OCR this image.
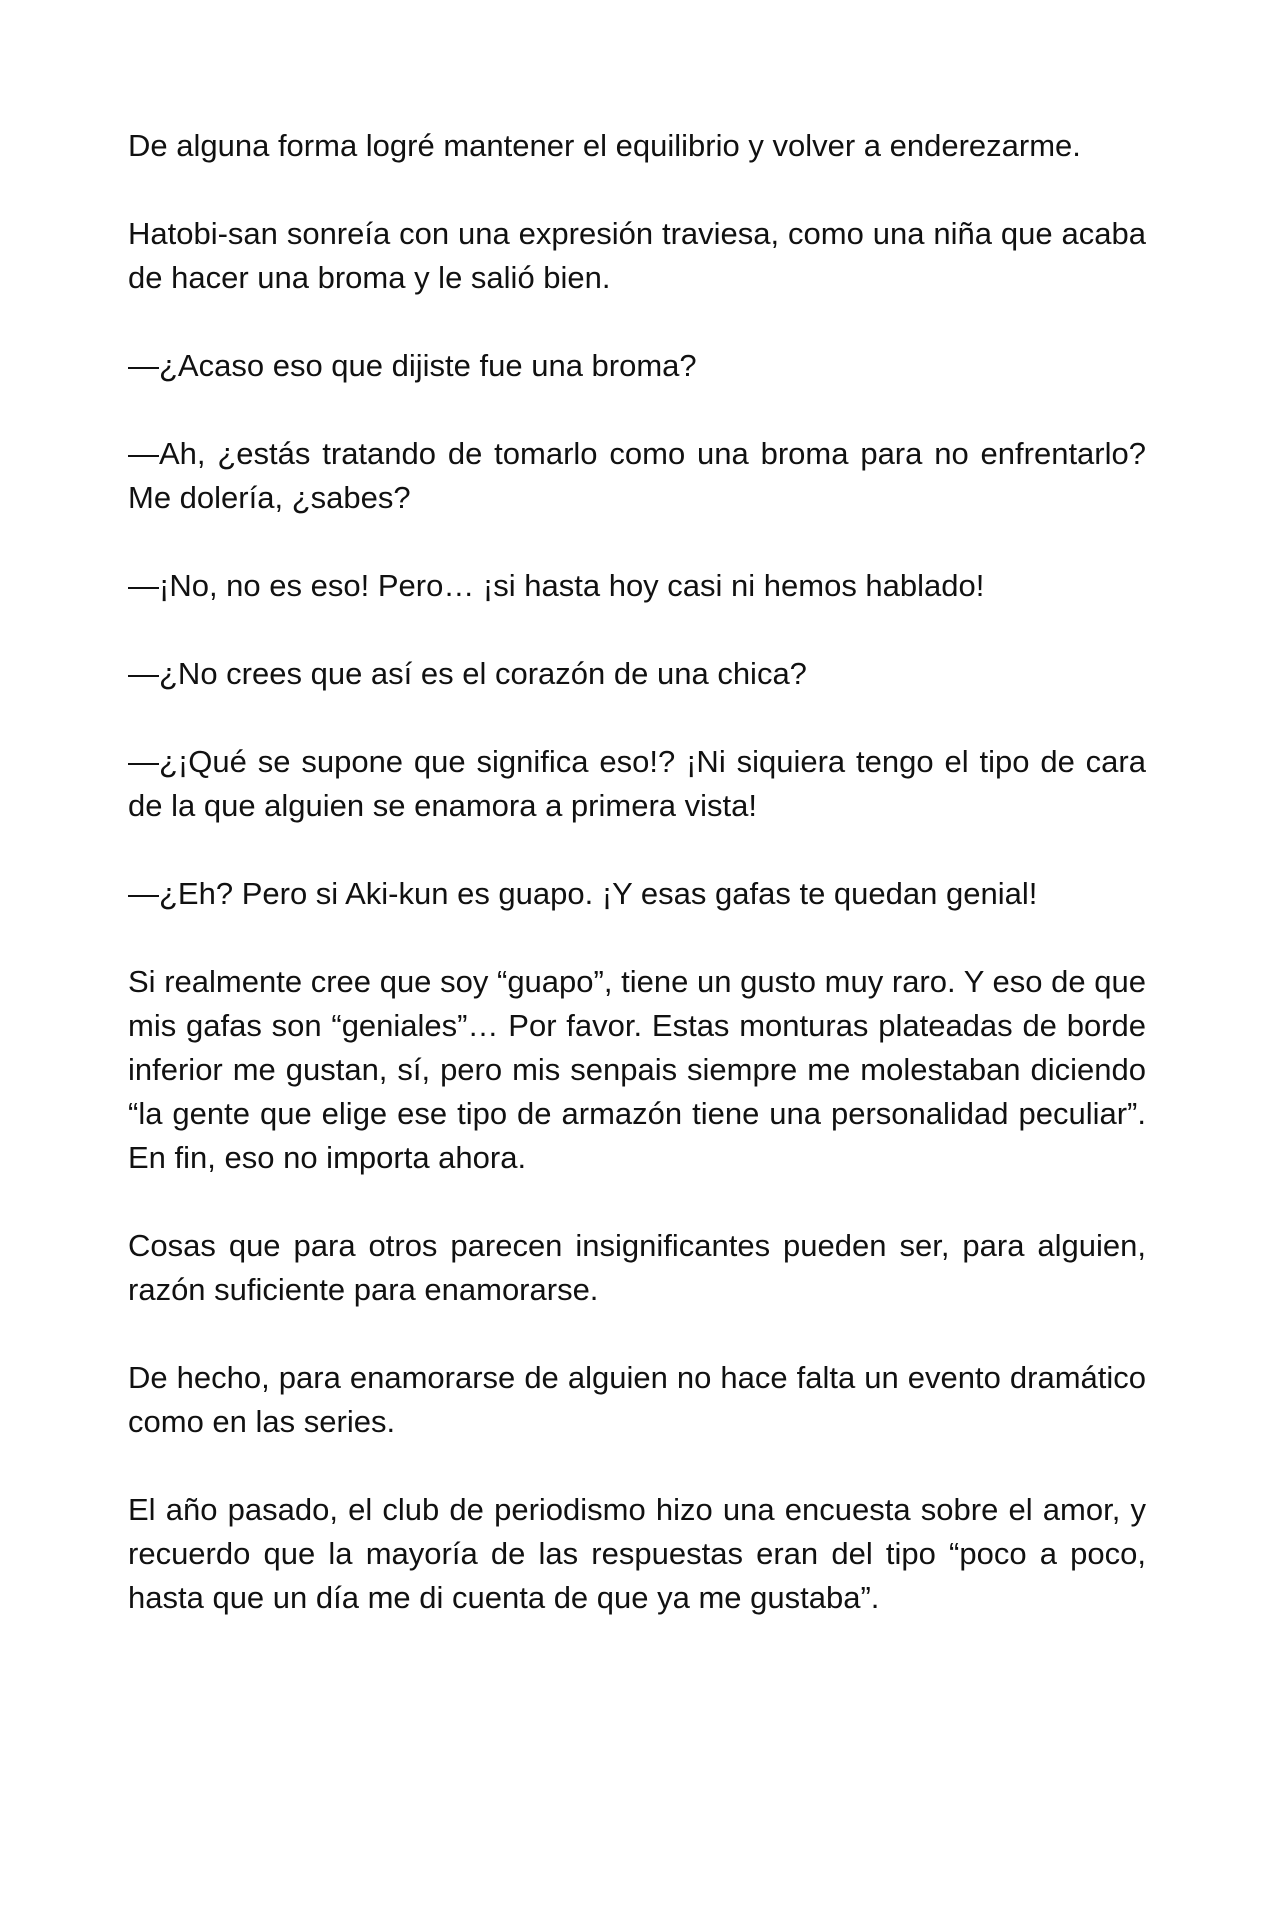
De alguna forma logré mantener el equilibrio y volver a enderezarme.

Hatobi-san sonreía con una expresión traviesa, como una niña que acaba de hacer una broma y le salió bien.

—¿Acaso eso que dijiste fue una broma?

—Ah, ¿estás tratando de tomarlo como una broma para no enfrentarlo? Me dolería, ¿sabes?

—¡No, no es eso! Pero… ¡si hasta hoy casi ni hemos hablado!

—¿No crees que así es el corazón de una chica?

—¿¡Qué se supone que significa eso!? ¡Ni siquiera tengo el tipo de cara de la que alguien se enamora a primera vista!

—¿Eh? Pero si Aki-kun es guapo. ¡Y esas gafas te quedan genial!

Si realmente cree que soy “guapo”, tiene un gusto muy raro. Y eso de que mis gafas son “geniales”… Por favor. Estas monturas plateadas de borde inferior me gustan, sí, pero mis senpais siempre me molestaban diciendo “la gente que elige ese tipo de armazón tiene una personalidad peculiar”. En fin, eso no importa ahora.

Cosas que para otros parecen insignificantes pueden ser, para alguien, razón suficiente para enamorarse.

De hecho, para enamorarse de alguien no hace falta un evento dramático como en las series.

El año pasado, el club de periodismo hizo una encuesta sobre el amor, y recuerdo que la mayoría de las respuestas eran del tipo “poco a poco, hasta que un día me di cuenta de que ya me gustaba”.
